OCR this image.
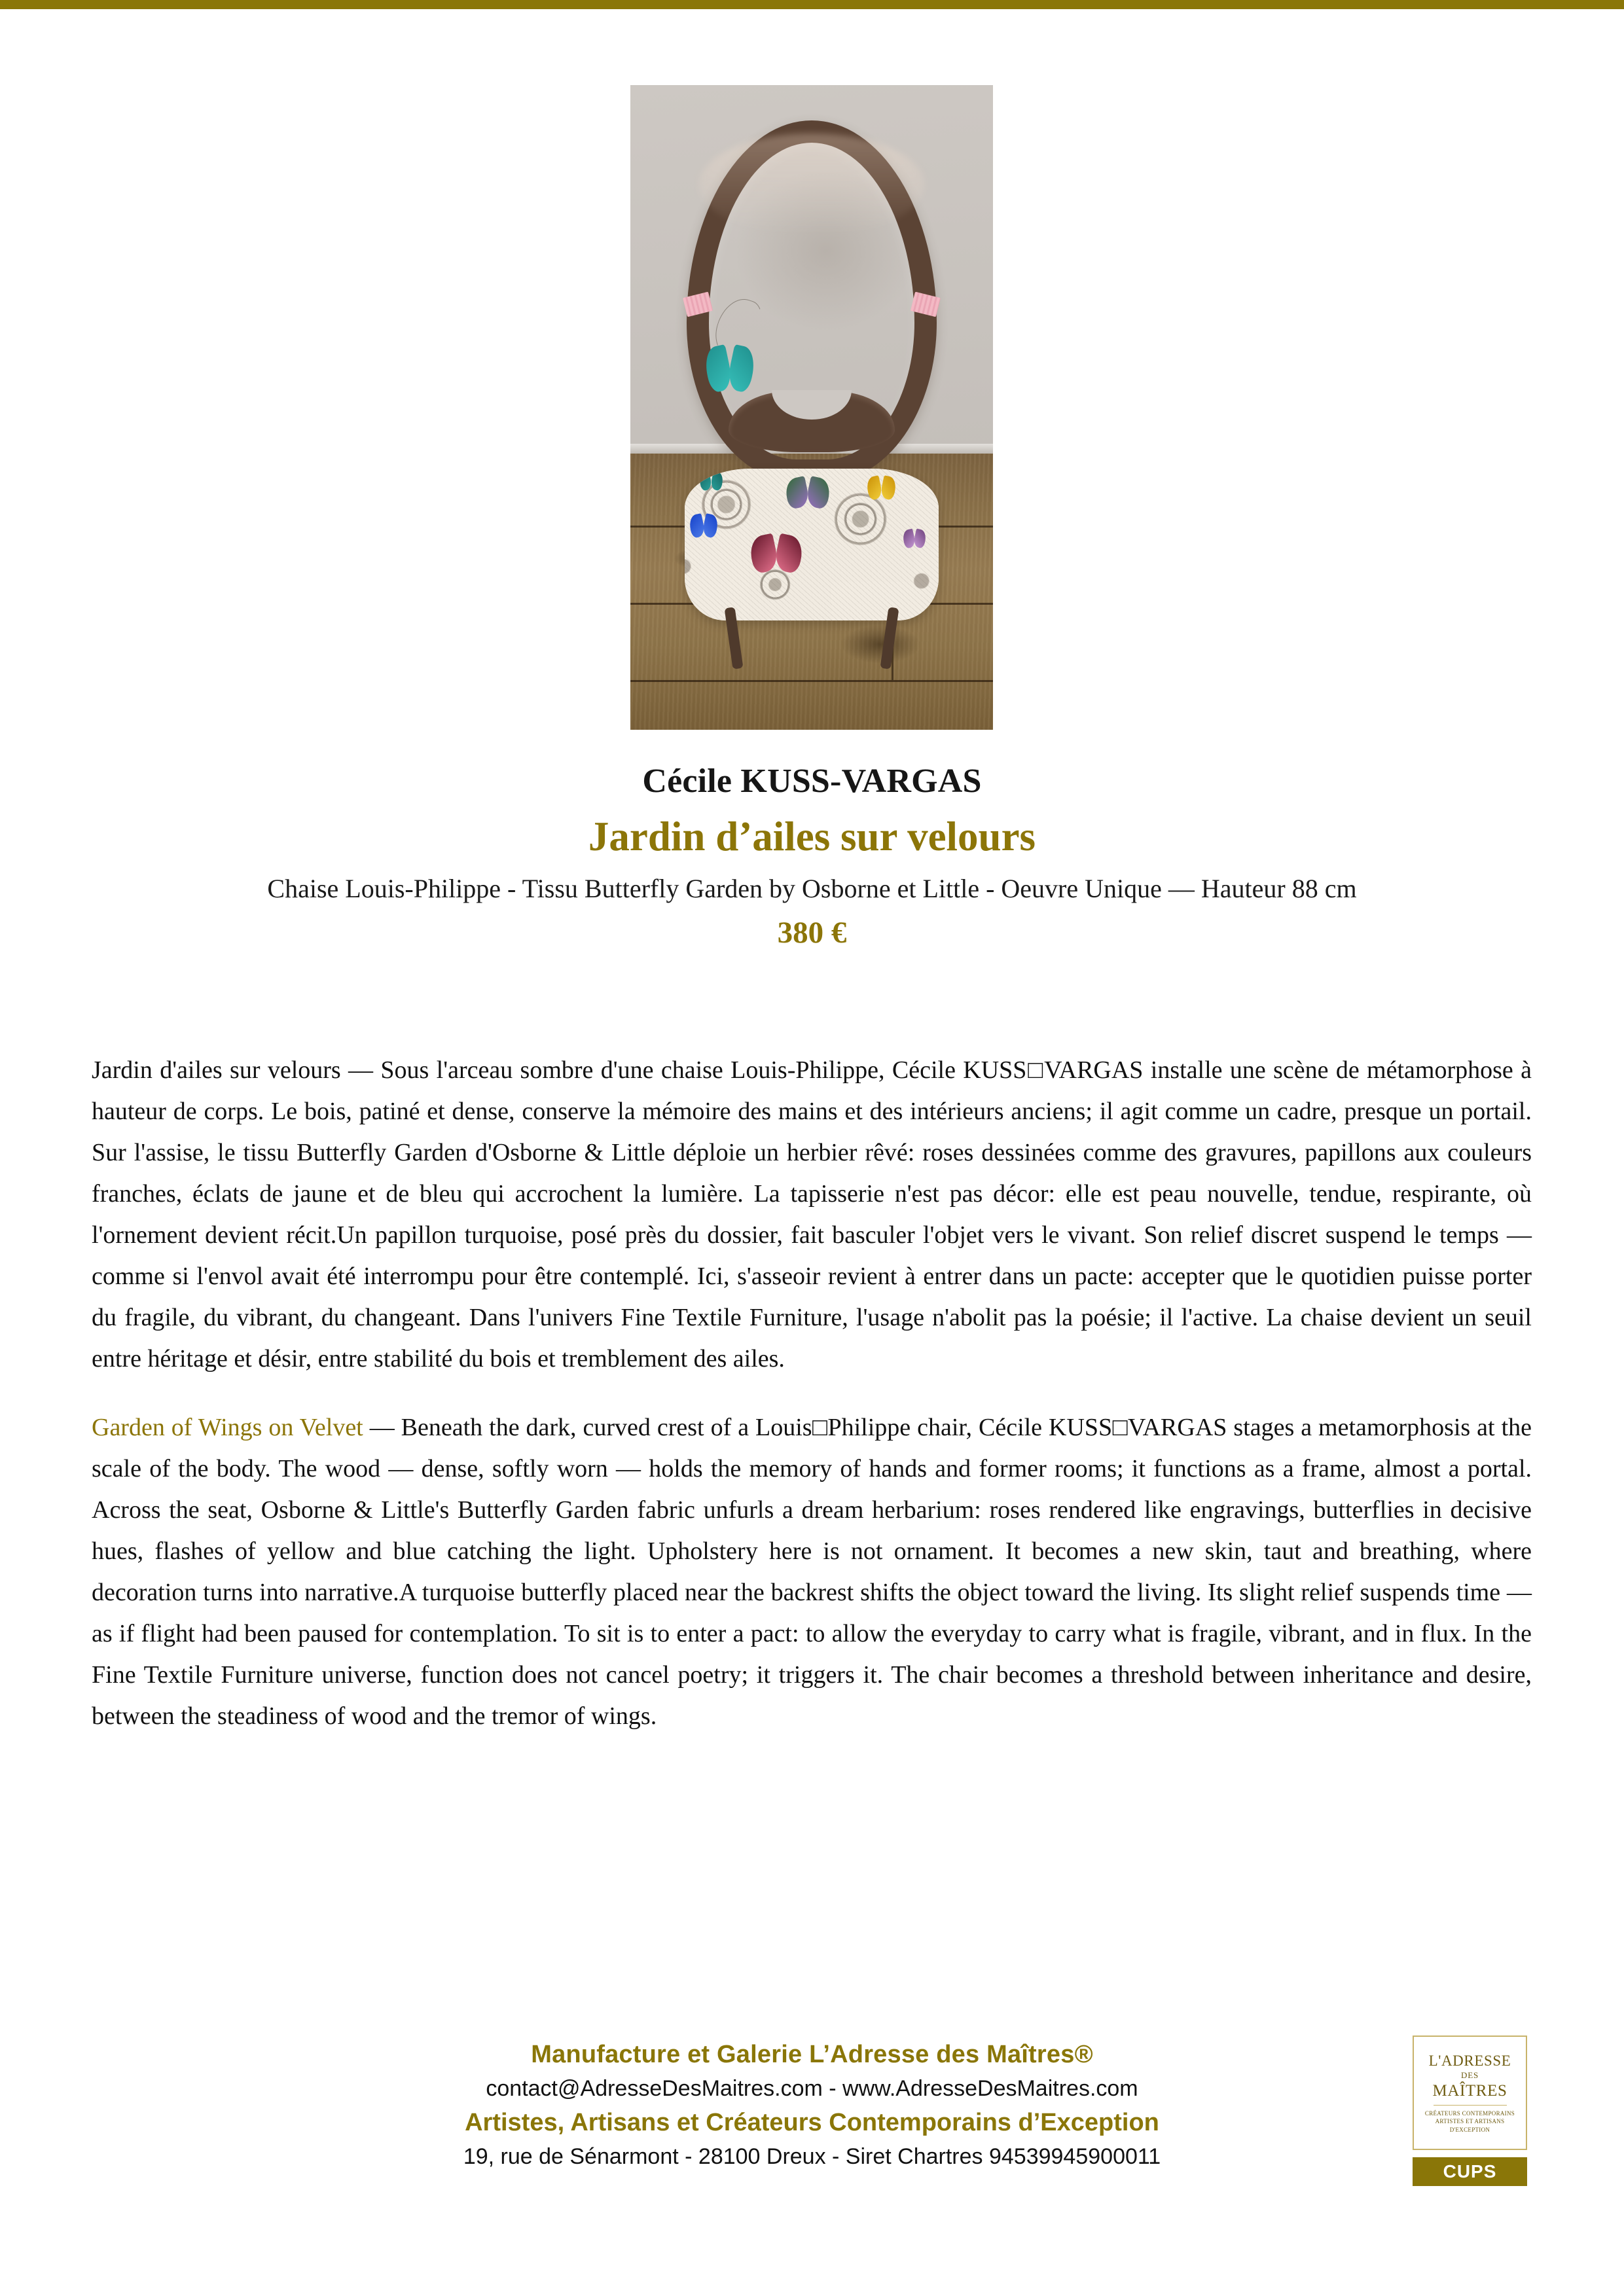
Cécile KUSS-VARGAS
Jardin d’ailes sur velours
Chaise Louis-Philippe - Tissu Butterfly Garden by Osborne et Little - Oeuvre Unique — Hauteur 88 cm
380 €

Jardin d'ailes sur velours — Sous l'arceau sombre d'une chaise Louis-Philippe, Cécile KUSS□VARGAS installe une scène de métamorphose à hauteur de corps. Le bois, patiné et dense, conserve la mémoire des mains et des intérieurs anciens; il agit comme un cadre, presque un portail. Sur l'assise, le tissu Butterfly Garden d'Osborne & Little déploie un herbier rêvé: roses dessinées comme des gravures, papillons aux couleurs franches, éclats de jaune et de bleu qui accrochent la lumière. La tapisserie n'est pas décor: elle est peau nouvelle, tendue, respirante, où l'ornement devient récit.Un papillon turquoise, posé près du dossier, fait basculer l'objet vers le vivant. Son relief discret suspend le temps — comme si l'envol avait été interrompu pour être contemplé. Ici, s'asseoir revient à entrer dans un pacte: accepter que le quotidien puisse porter du fragile, du vibrant, du changeant. Dans l'univers Fine Textile Furniture, l'usage n'abolit pas la poésie; il l'active. La chaise devient un seuil entre héritage et désir, entre stabilité du bois et tremblement des ailes.

Garden of Wings on Velvet — Beneath the dark, curved crest of a Louis□Philippe chair, Cécile KUSS□VARGAS stages a metamorphosis at the scale of the body. The wood — dense, softly worn — holds the memory of hands and former rooms; it functions as a frame, almost a portal. Across the seat, Osborne & Little's Butterfly Garden fabric unfurls a dream herbarium: roses rendered like engravings, butterflies in decisive hues, flashes of yellow and blue catching the light. Upholstery here is not ornament. It becomes a new skin, taut and breathing, where decoration turns into narrative.A turquoise butterfly placed near the backrest shifts the object toward the living. Its slight relief suspends time — as if flight had been paused for contemplation. To sit is to enter a pact: to allow the everyday to carry what is fragile, vibrant, and in flux. In the Fine Textile Furniture universe, function does not cancel poetry; it triggers it. The chair becomes a threshold between inheritance and desire, between the steadiness of wood and the tremor of wings.

Manufacture et Galerie L’Adresse des Maîtres®
contact@AdresseDesMaitres.com - www.AdresseDesMaitres.com
Artistes, Artisans et Créateurs Contemporains d’Exception
19, rue de Sénarmont - 28100 Dreux - Siret Chartres 94539945900011
L'ADRESSE
DES
MAÎTRES
CRÉATEURS CONTEMPORAINS
ARTISTES ET ARTISANS
D'EXCEPTION
CUPS
